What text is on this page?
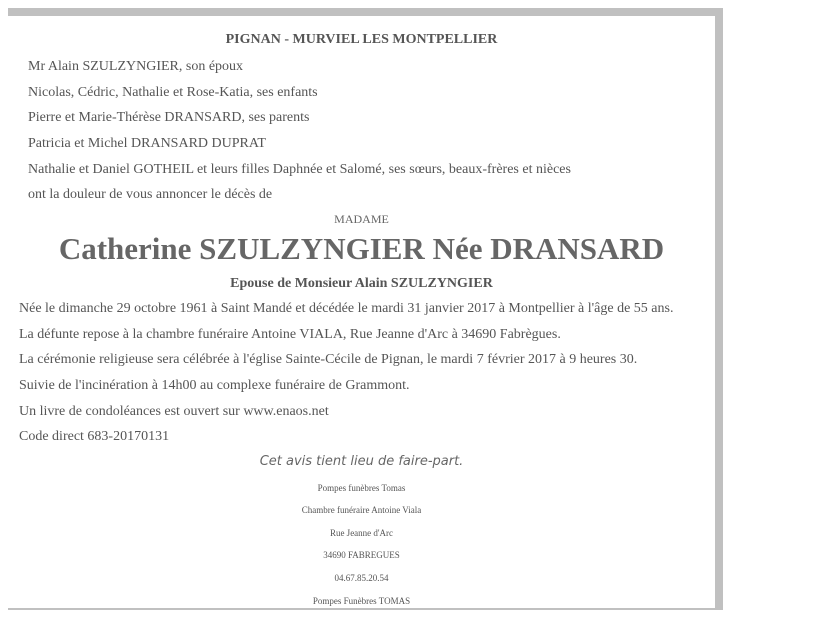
PIGNAN - MURVIEL LES MONTPELLIER
Mr Alain SZULZYNGIER, son époux
Nicolas, Cédric, Nathalie et Rose-Katia, ses enfants
Pierre et Marie-Thérèse DRANSARD, ses parents
Patricia et Michel DRANSARD DUPRAT
Nathalie et Daniel GOTHEIL et leurs filles Daphnée et Salomé, ses sœurs, beaux-frères et nièces
ont la douleur de vous annoncer le décès de
MADAME
Catherine SZULZYNGIER Née DRANSARD
Epouse de Monsieur Alain SZULZYNGIER
Née le dimanche 29 octobre 1961 à Saint Mandé et décédée le mardi 31 janvier 2017 à Montpellier à l'âge de 55 ans.
La défunte repose à la chambre funéraire Antoine VIALA, Rue Jeanne d'Arc à 34690 Fabrègues.
La cérémonie religieuse sera célébrée à l'église Sainte-Cécile de Pignan, le mardi 7 février 2017 à 9 heures 30.
Suivie de l'incinération à 14h00 au complexe funéraire de Grammont.
Un livre de condoléances est ouvert sur www.enaos.net
Code direct 683-20170131
Cet avis tient lieu de faire-part.
Pompes funèbres Tomas
Chambre funéraire Antoine Viala
Rue Jeanne d'Arc
34690 FABREGUES
04.67.85.20.54
Pompes Funèbres TOMAS
